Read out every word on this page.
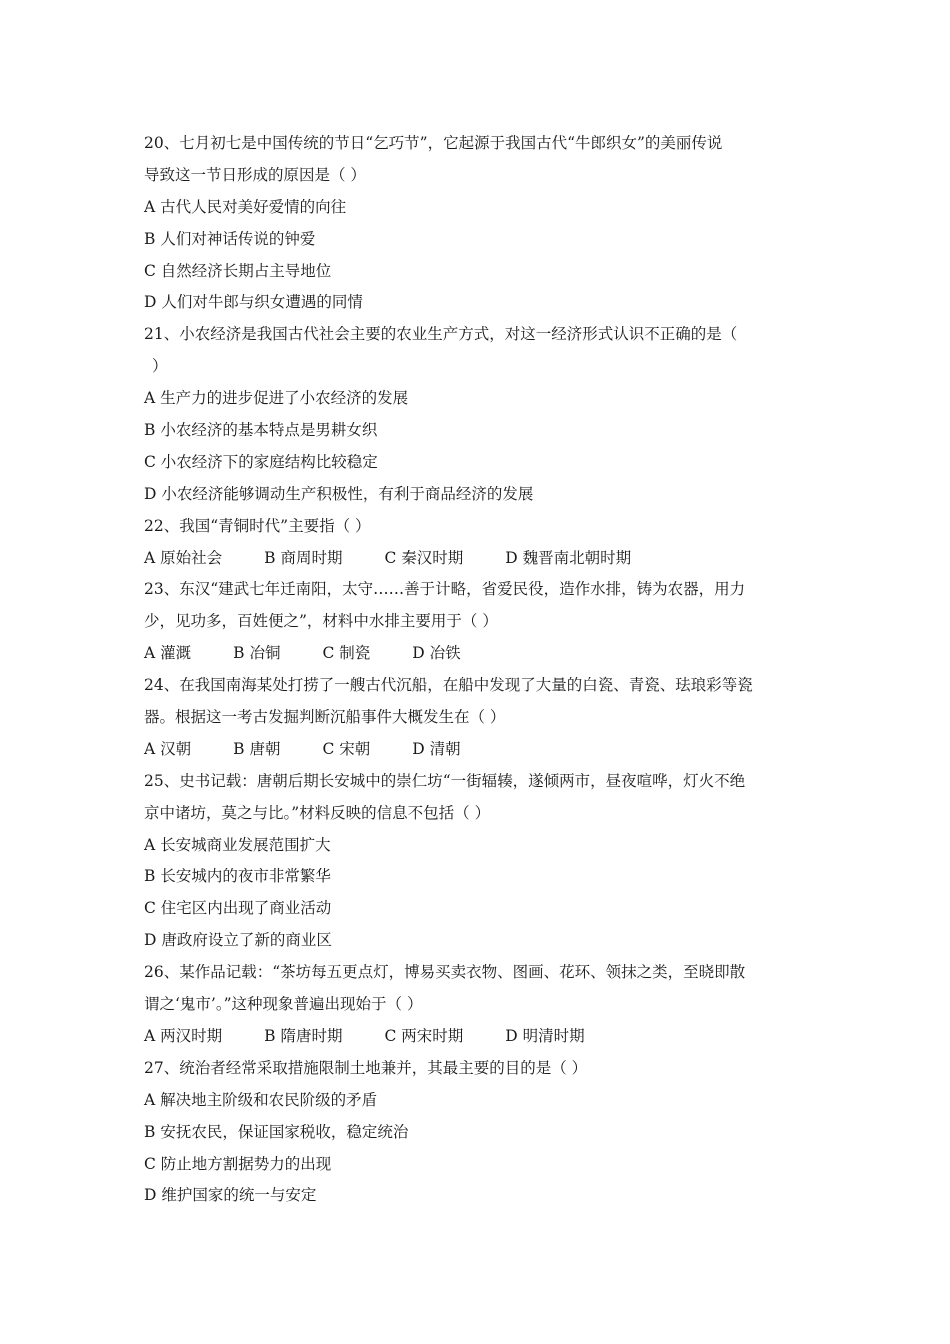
20、七月初七是中国传统的节日“乞巧节”，它起源于我国古代“牛郎织女”的美丽传说
导致这一节日形成的原因是（ ）
A 古代人民对美好爱情的向往
B 人们对神话传说的钟爱
C 自然经济长期占主导地位
D 人们对牛郎与织女遭遇的同情
21、小农经济是我国古代社会主要的农业生产方式，对这一经济形式认识不正确的是（
）
A 生产力的进步促进了小农经济的发展
B 小农经济的基本特点是男耕女织
C 小农经济下的家庭结构比较稳定
D 小农经济能够调动生产积极性，有利于商品经济的发展
22、我国“青铜时代”主要指（ ）
A 原始社会	B 商周时期	C 秦汉时期	D 魏晋南北朝时期
23、东汉“建武七年迁南阳，太守……善于计略，省爱民役，造作水排，铸为农器，用力
少，见功多，百姓便之”，材料中水排主要用于（ ）
A 灌溉	B 冶铜	C 制瓷	D 冶铁
24、在我国南海某处打捞了一艘古代沉船，在船中发现了大量的白瓷、青瓷、珐琅彩等瓷
器。根据这一考古发掘判断沉船事件大概发生在（ ）
A 汉朝	B 唐朝	C 宋朝	D 清朝
25、史书记载：唐朝后期长安城中的崇仁坊“一街辐辏，遂倾两市，昼夜喧哗，灯火不绝
京中诸坊，莫之与比。”材料反映的信息不包括（ ）
A 长安城商业发展范围扩大
B 长安城内的夜市非常繁华
C 住宅区内出现了商业活动
D 唐政府设立了新的商业区
26、某作品记载：“茶坊每五更点灯，博易买卖衣物、图画、花环、领抹之类，至晓即散
谓之‘鬼市’。”这种现象普遍出现始于（ ）
A 两汉时期	B 隋唐时期	C 两宋时期	D 明清时期
27、统治者经常采取措施限制土地兼并，其最主要的目的是（ ）
A 解决地主阶级和农民阶级的矛盾
B 安抚农民，保证国家税收，稳定统治
C 防止地方割据势力的出现
D 维护国家的统一与安定
